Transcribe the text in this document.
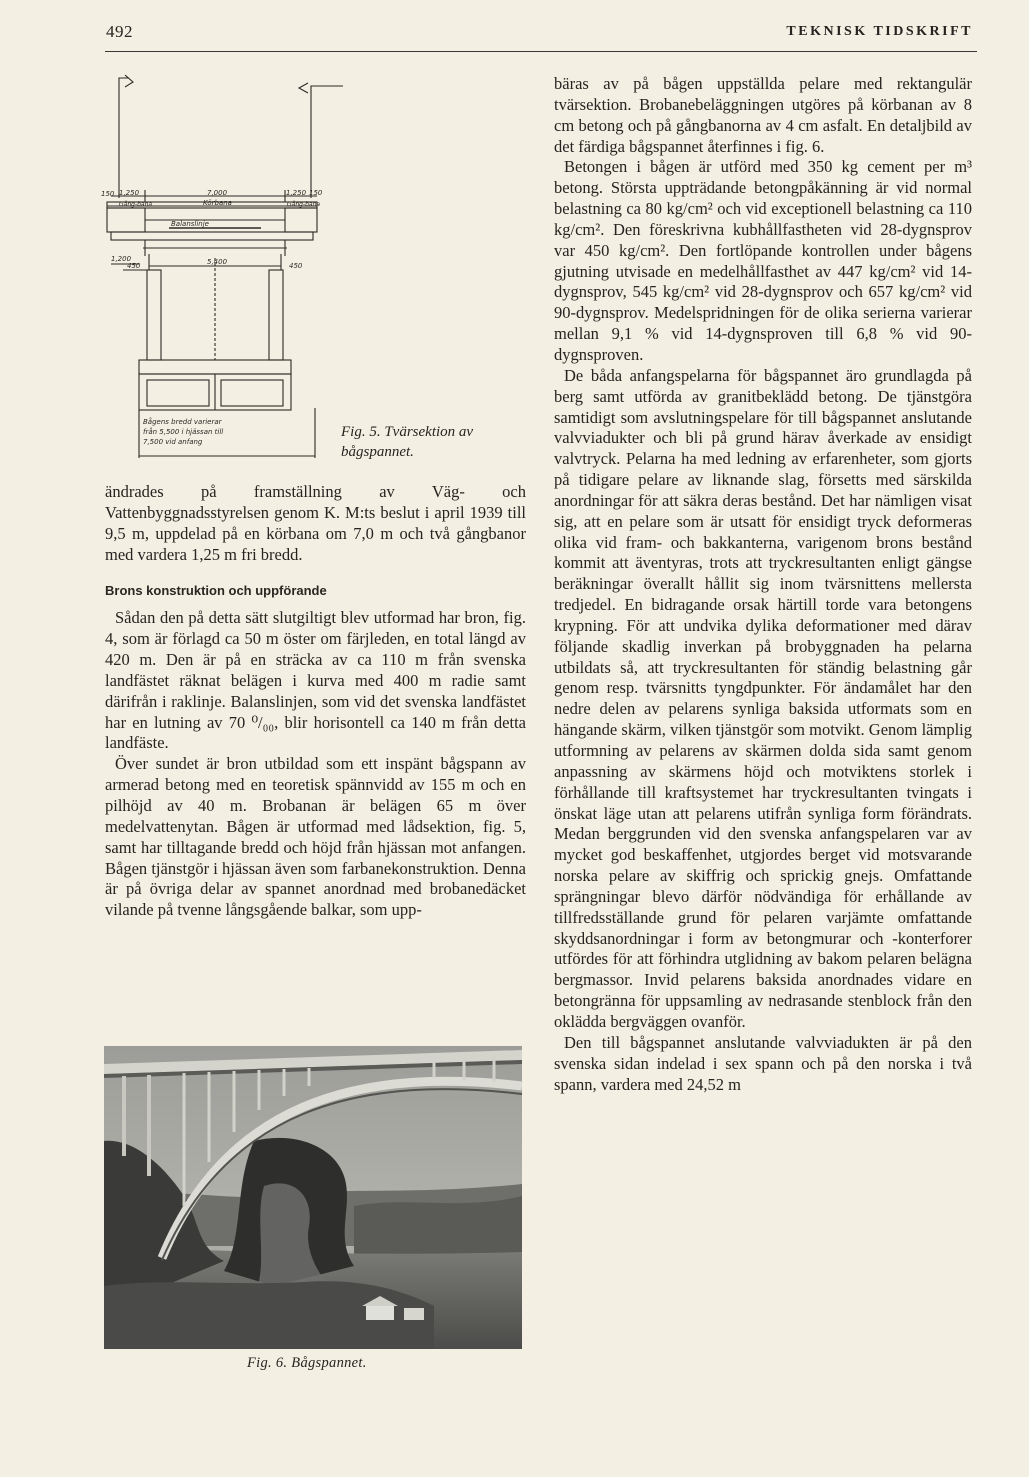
492	TEKNISK TIDSKRIFT
150 1,250
Gång-bana
7,000
Körbana
1,250 150
Gång-bana
Balanslinje
1,200
450	5,400	450
Bågens bredd varierar
från 5,500 i hjässan till
7,500 vid anfang
Fig. 5. Tvärsektion av bågspannet.

bäras av på bågen uppställda pelare med rektangulär tvärsektion. Brobanebeläggningen utgöres på körbanan av 8 cm betong och på gångbanorna av 4 cm asfalt. En detaljbild av det färdiga bågspannet återfinnes i fig. 6.

Betongen i bågen är utförd med 350 kg cement per m³ betong. Största uppträdande betongpåkänning är vid normal belastning ca 80 kg/cm² och vid exceptionell belastning ca 110 kg/cm². Den föreskrivna kubhållfastheten vid 28-dygnsprov var 450 kg/cm². Den fortlöpande kontrollen under bågens gjutning utvisade en medelhållfasthet av 447 kg/cm² vid 14-dygnsprov, 545 kg/cm² vid 28-dygnsprov och 657 kg/cm² vid 90-dygnsprov. Medelspridningen för de olika serierna varierar mellan 9,1 % vid 14-dygnsproven till 6,8 % vid 90-dygnsproven.

De båda anfangspelarna för bågspannet äro grundlagda på berg samt utförda av granitbeklädd betong. De tjänstgöra samtidigt som avslutningspelare för till bågspannet anslutande valvviadukter och bli på grund härav åverkade av ensidigt valvtryck. Pelarna ha med ledning av erfarenheter, som gjorts på tidigare pelare av liknande slag, försetts med särskilda anordningar för att säkra deras bestånd. Det har nämligen visat sig, att en pelare som är utsatt för ensidigt tryck deformeras olika vid fram- och bakkanterna, varigenom brons bestånd kommit att äventyras, trots att tryckresultanten enligt gängse beräkningar överallt hållit sig inom tvärsnittens mellersta tredjedel. En bidragande orsak härtill torde vara betongens krypning. För att undvika dylika deformationer med därav följande skadlig inverkan på brobyggnaden ha pelarna utbildats så, att tryckresultanten för ständig belastning går genom resp. tvärsnitts tyngdpunkter. För ändamålet har den nedre delen av pelarens synliga baksida utformats som en hängande skärm, vilken tjänstgör som motvikt. Genom lämplig utformning av pelarens av skärmen dolda sida samt genom anpassning av skärmens höjd och motviktens storlek i förhållande till kraftsystemet har tryckresultanten tvingats i önskat läge utan att pelarens utifrån synliga form förändrats. Medan berggrunden vid den svenska anfangspelaren var av mycket god beskaffenhet, utgjordes berget vid motsvarande norska pelare av skiffrig och sprickig gnejs. Omfattande sprängningar blevo därför nödvändiga för erhållande av tillfredsställande grund för pelaren varjämte omfattande skyddsanordningar i form av betongmurar och -konterforer utfördes för att förhindra utglidning av bakom pelaren belägna bergmassor. Invid pelarens baksida anordnades vidare en betongränna för uppsamling av nedrasande stenblock från den oklädda bergväggen ovanför.

Den till bågspannet anslutande valvviadukten är på den svenska sidan indelad i sex spann och på den norska i två spann, vardera med 24,52 m

ändrades på framställning av Väg- och Vattenbyggnadsstyrelsen genom K. M:ts beslut i april 1939 till 9,5 m, uppdelad på en körbana om 7,0 m och två gångbanor med vardera 1,25 m fri bredd.

Brons konstruktion och uppförande

Sådan den på detta sätt slutgiltigt blev utformad har bron, fig. 4, som är förlagd ca 50 m öster om färjleden, en total längd av 420 m. Den är på en sträcka av ca 110 m från svenska landfästet räknat belägen i kurva med 400 m radie samt därifrån i raklinje. Balanslinjen, som vid det svenska landfästet har en lutning av 70 ⁰/₀₀, blir horisontell ca 140 m från detta landfäste.

Över sundet är bron utbildad som ett inspänt bågspann av armerad betong med en teoretisk spännvidd av 155 m och en pilhöjd av 40 m. Brobanan är belägen 65 m över medelvattenytan. Bågen är utformad med lådsektion, fig. 5, samt har tilltagande bredd och höjd från hjässan mot anfangen. Bågen tjänstgör i hjässan även som farbanekonstruktion. Denna är på övriga delar av spannet anordnad med brobanedäcket vilande på tvenne långsgående balkar, som upp-

Fig. 6. Bågspannet.
